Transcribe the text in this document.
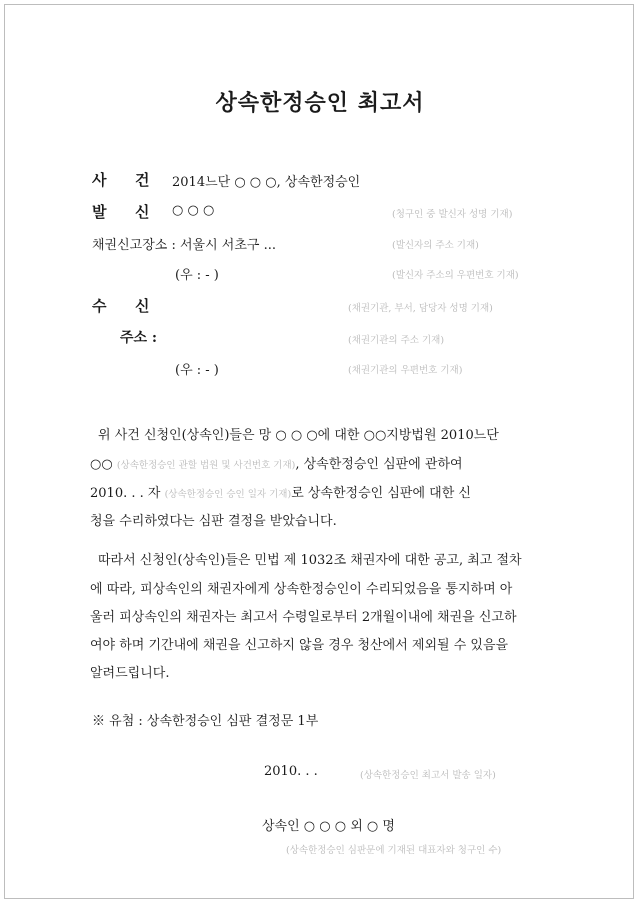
상속한정승인 최고서
사 건 2014느단 ○ ○ ○, 상속한정승인
발 신 ○ ○ ○	(청구인 중 발신자 성명 기재)
채권신고장소 : 서울시 서초구 ...	(발신자의 주소 기재)
(우 : - )	(발신자 주소의 우편번호 기재)
수 신	(채권기관, 부서, 담당자 성명 기재)
주소 :	(채권기관의 주소 기재)
(우 : - )	(채권기관의 우편번호 기재)
위 사건 신청인(상속인)들은 망 ○ ○ ○에 대한 ○○지방법원 2010느단
○○ (상속한정승인 관할 법원 및 사건번호 기재), 상속한정승인 심판에 관하여
2010. . . 자 (상속한정승인 승인 일자 기재)로 상속한정승인 심판에 대한 신
청을 수리하였다는 심판 결정을 받았습니다.
따라서 신청인(상속인)들은 민법 제 1032조 채권자에 대한 공고, 최고 절차
에 따라, 피상속인의 채권자에게 상속한정승인이 수리되었음을 통지하며 아
울러 피상속인의 채권자는 최고서 수령일로부터 2개월이내에 채권을 신고하
여야 하며 기간내에 채권을 신고하지 않을 경우 청산에서 제외될 수 있음을
알려드립니다.
※ 유첨 : 상속한정승인 심판 결정문 1부
2010. . .	(상속한정승인 최고서 발송 일자)
상속인 ○ ○ ○ 외 ○ 명
(상속한정승인 심판문에 기재된 대표자와 청구인 수)
